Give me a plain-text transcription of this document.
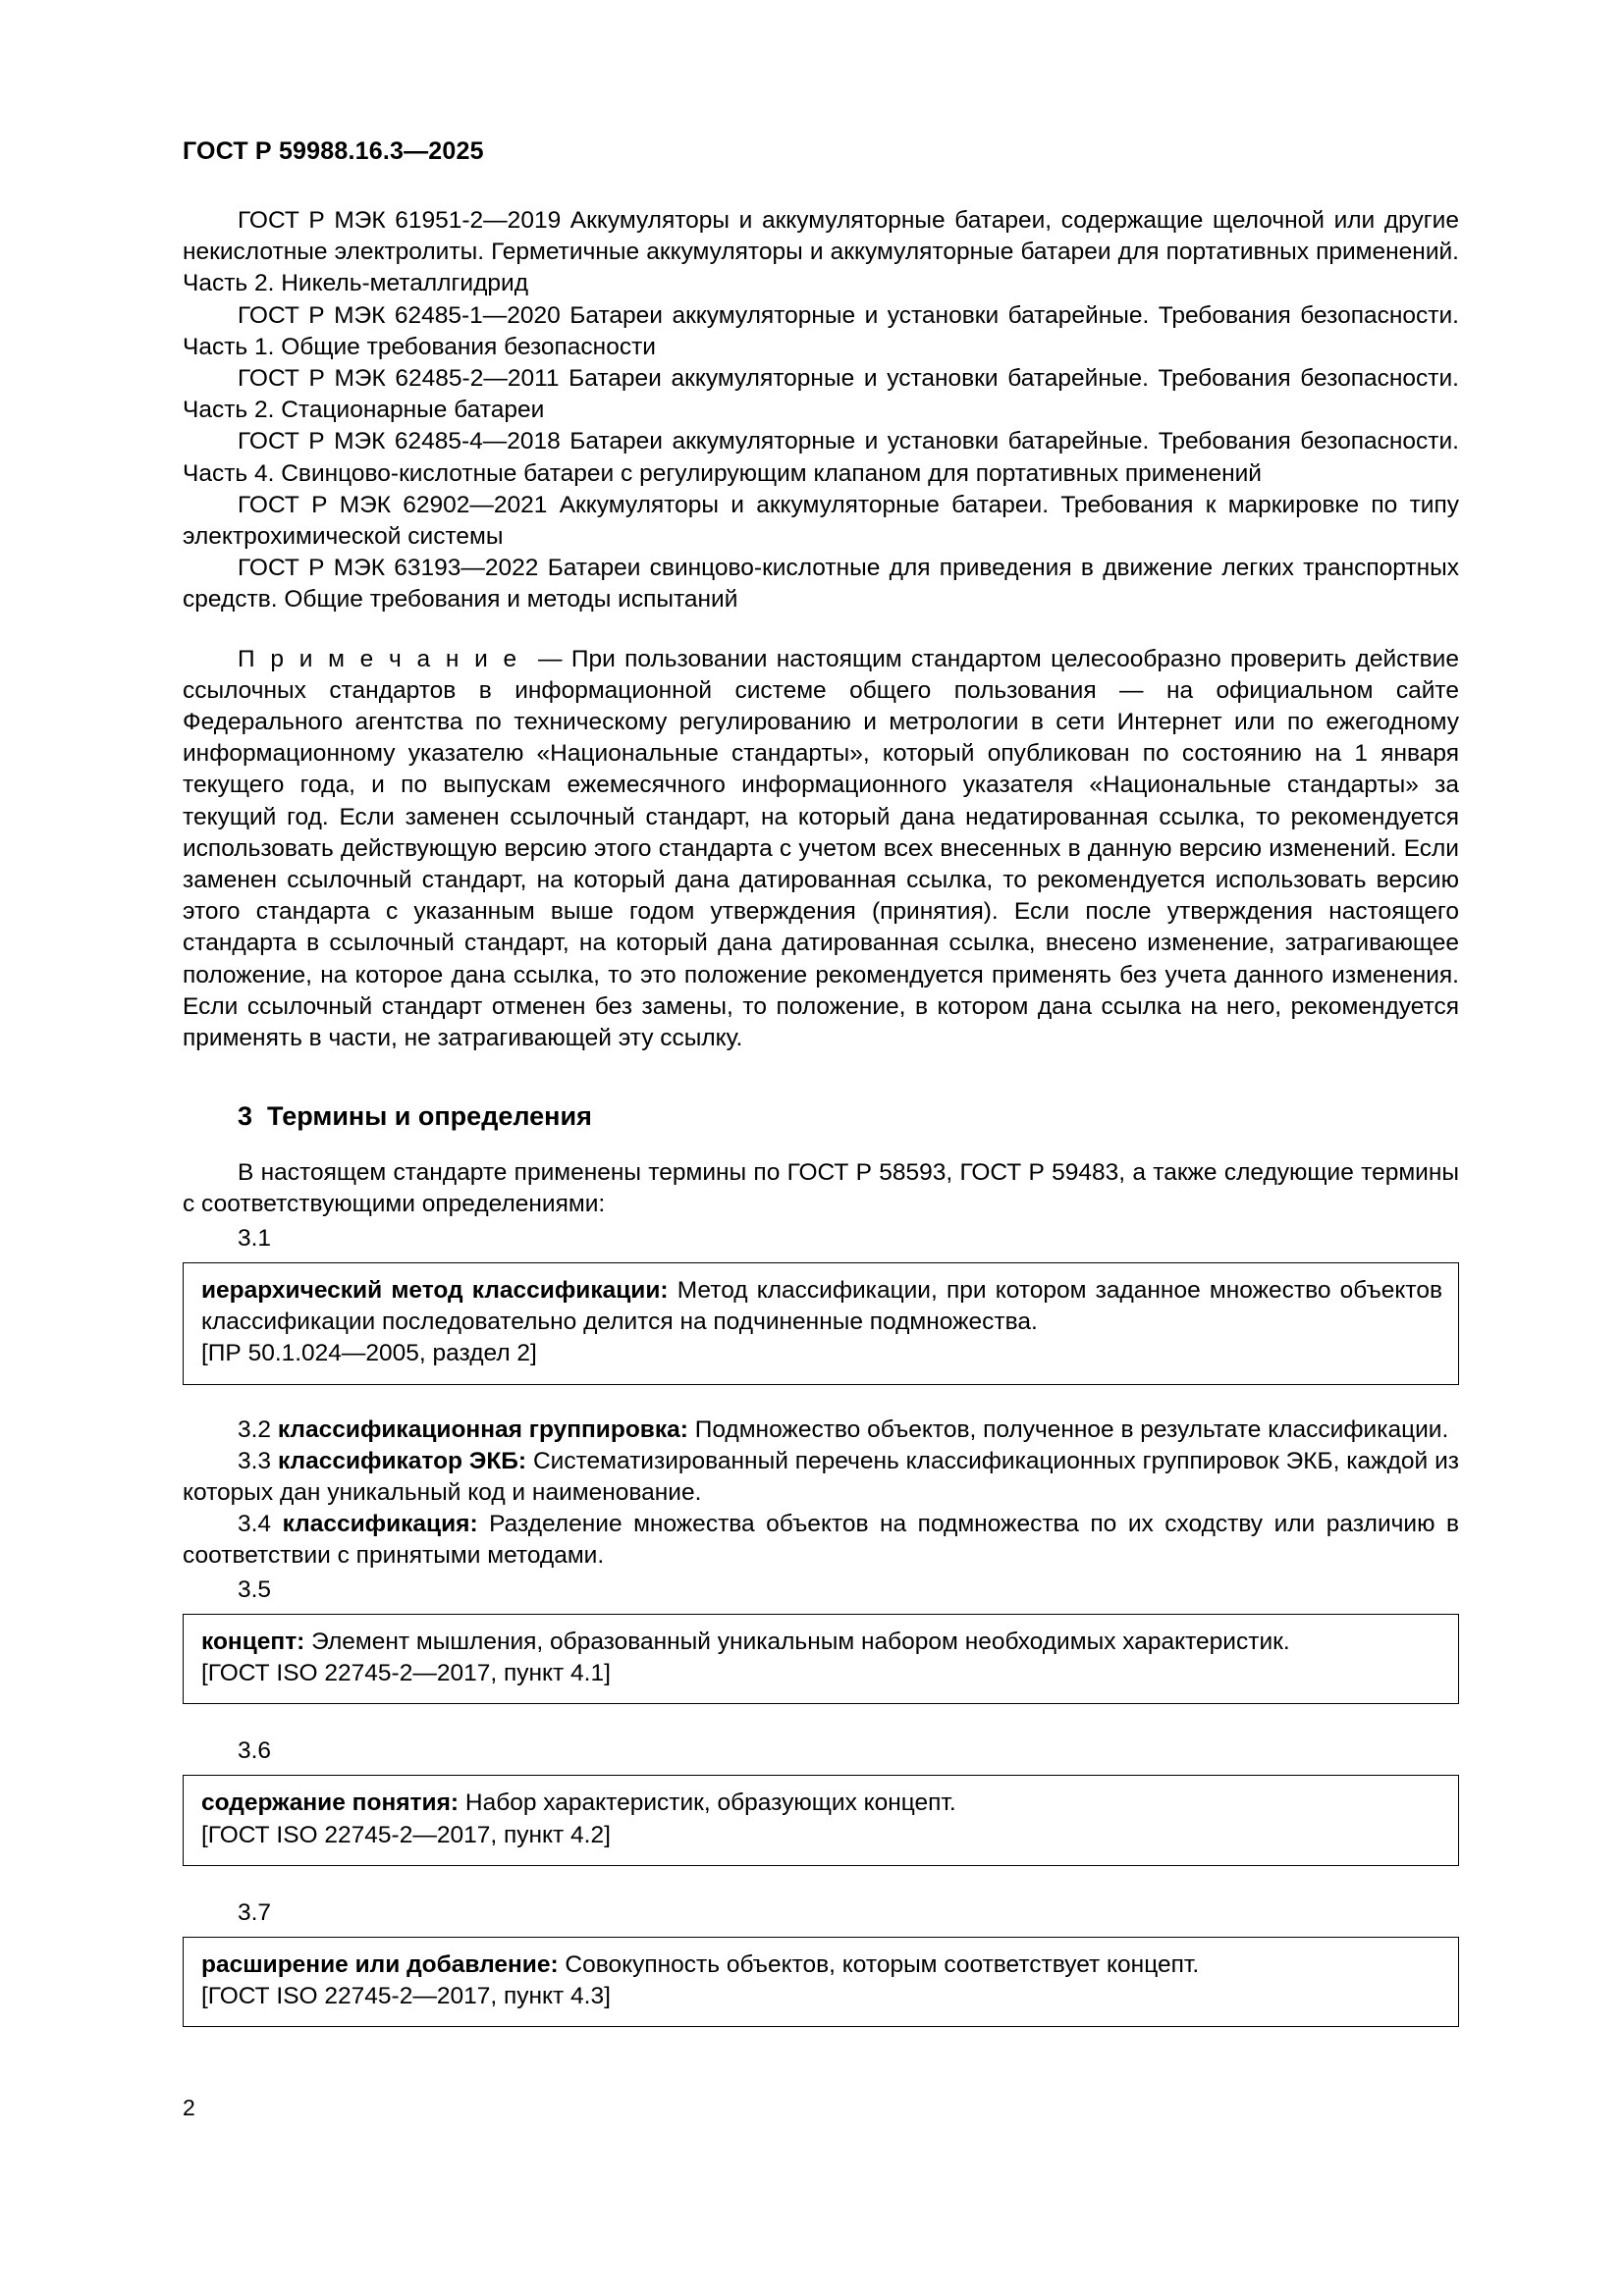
ГОСТ Р 59988.16.3—2025

ГОСТ Р МЭК 61951-2—2019 Аккумуляторы и аккумуляторные батареи, содержащие щелочной или другие некислотные электролиты. Герметичные аккумуляторы и аккумуляторные батареи для портативных применений. Часть 2. Никель-металлгидрид

ГОСТ Р МЭК 62485-1—2020 Батареи аккумуляторные и установки батарейные. Требования безопасности. Часть 1. Общие требования безопасности

ГОСТ Р МЭК 62485-2—2011 Батареи аккумуляторные и установки батарейные. Требования безопасности. Часть 2. Стационарные батареи

ГОСТ Р МЭК 62485-4—2018 Батареи аккумуляторные и установки батарейные. Требования безопасности. Часть 4. Свинцово-кислотные батареи с регулирующим клапаном для портативных применений

ГОСТ Р МЭК 62902—2021 Аккумуляторы и аккумуляторные батареи. Требования к маркировке по типу электрохимической системы

ГОСТ Р МЭК 63193—2022 Батареи свинцово-кислотные для приведения в движение легких транспортных средств. Общие требования и методы испытаний

П р и м е ч а н и е — При пользовании настоящим стандартом целесообразно проверить действие ссылочных стандартов в информационной системе общего пользования — на официальном сайте Федерального агентства по техническому регулированию и метрологии в сети Интернет или по ежегодному информационному указателю «Национальные стандарты», который опубликован по состоянию на 1 января текущего года, и по выпускам ежемесячного информационного указателя «Национальные стандарты» за текущий год. Если заменен ссылочный стандарт, на который дана недатированная ссылка, то рекомендуется использовать действующую версию этого стандарта с учетом всех внесенных в данную версию изменений. Если заменен ссылочный стандарт, на который дана датированная ссылка, то рекомендуется использовать версию этого стандарта с указанным выше годом утверждения (принятия). Если после утверждения настоящего стандарта в ссылочный стандарт, на который дана датированная ссылка, внесено изменение, затрагивающее положение, на которое дана ссылка, то это положение рекомендуется применять без учета данного изменения. Если ссылочный стандарт отменен без замены, то положение, в котором дана ссылка на него, рекомендуется применять в части, не затрагивающей эту ссылку.

3 Термины и определения

В настоящем стандарте применены термины по ГОСТ Р 58593, ГОСТ Р 59483, а также следующие термины с соответствующими определениями:

3.1

иерархический метод классификации: Метод классификации, при котором заданное множество объектов классификации последовательно делится на подчиненные подмножества.

[ПР 50.1.024—2005, раздел 2]

3.2 классификационная группировка: Подмножество объектов, полученное в результате классификации.

3.3 классификатор ЭКБ: Систематизированный перечень классификационных группировок ЭКБ, каждой из которых дан уникальный код и наименование.

3.4 классификация: Разделение множества объектов на подмножества по их сходству или различию в соответствии с принятыми методами.

3.5

концепт: Элемент мышления, образованный уникальным набором необходимых характеристик.

[ГОСТ ISO 22745-2—2017, пункт 4.1]

3.6

содержание понятия: Набор характеристик, образующих концепт.

[ГОСТ ISO 22745-2—2017, пункт 4.2]

3.7

расширение или добавление: Совокупность объектов, которым соответствует концепт.

[ГОСТ ISO 22745-2—2017, пункт 4.3]

2
